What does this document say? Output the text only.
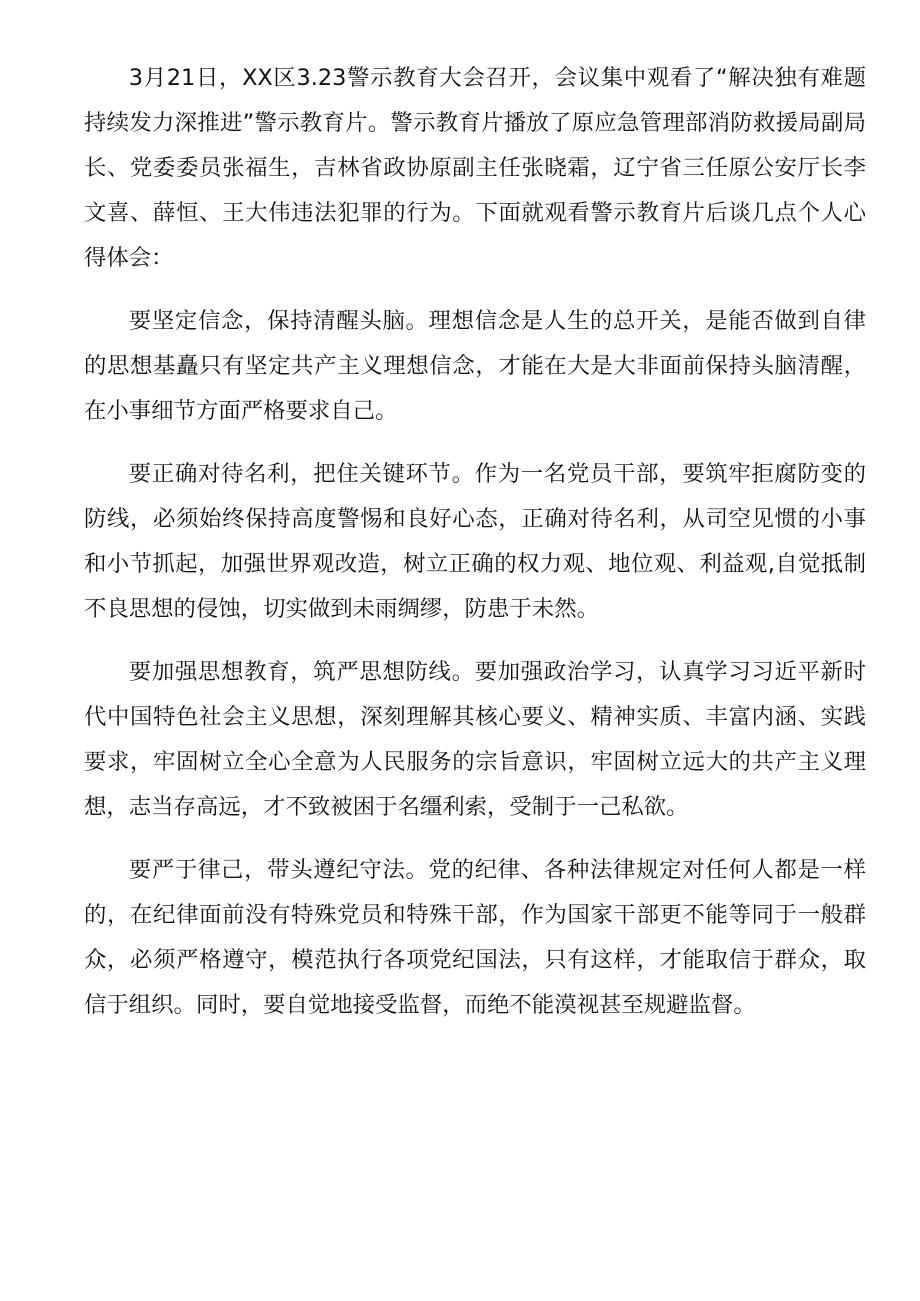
3月21日，XX区3.23警示教育大会召开，会议集中观看了“解决独有难题持续发力深推进”警示教育片。警示教育片播放了原应急管理部消防救援局副局长、党委委员张福生，吉林省政协原副主任张晓霜，辽宁省三任原公安厅长李文喜、薛恒、王大伟违法犯罪的行为。下面就观看警示教育片后谈几点个人心得体会：

要坚定信念，保持清醒头脑。理想信念是人生的总开关，是能否做到自律的思想基矗只有坚定共产主义理想信念，才能在大是大非面前保持头脑清醒，在小事细节方面严格要求自己。

要正确对待名利，把住关键环节。作为一名党员干部，要筑牢拒腐防变的防线，必须始终保持高度警惕和良好心态，正确对待名利，从司空见惯的小事和小节抓起，加强世界观改造，树立正确的权力观、地位观、利益观,自觉抵制不良思想的侵蚀，切实做到未雨绸缪，防患于未然。

要加强思想教育，筑严思想防线。要加强政治学习，认真学习习近平新时代中国特色社会主义思想，深刻理解其核心要义、精神实质、丰富内涵、实践要求，牢固树立全心全意为人民服务的宗旨意识，牢固树立远大的共产主义理想，志当存高远，才不致被困于名缰利索，受制于一己私欲。

要严于律己，带头遵纪守法。党的纪律、各种法律规定对任何人都是一样的，在纪律面前没有特殊党员和特殊干部，作为国家干部更不能等同于一般群众，必须严格遵守，模范执行各项党纪国法，只有这样，才能取信于群众，取信于组织。同时，要自觉地接受监督，而绝不能漠视甚至规避监督。
